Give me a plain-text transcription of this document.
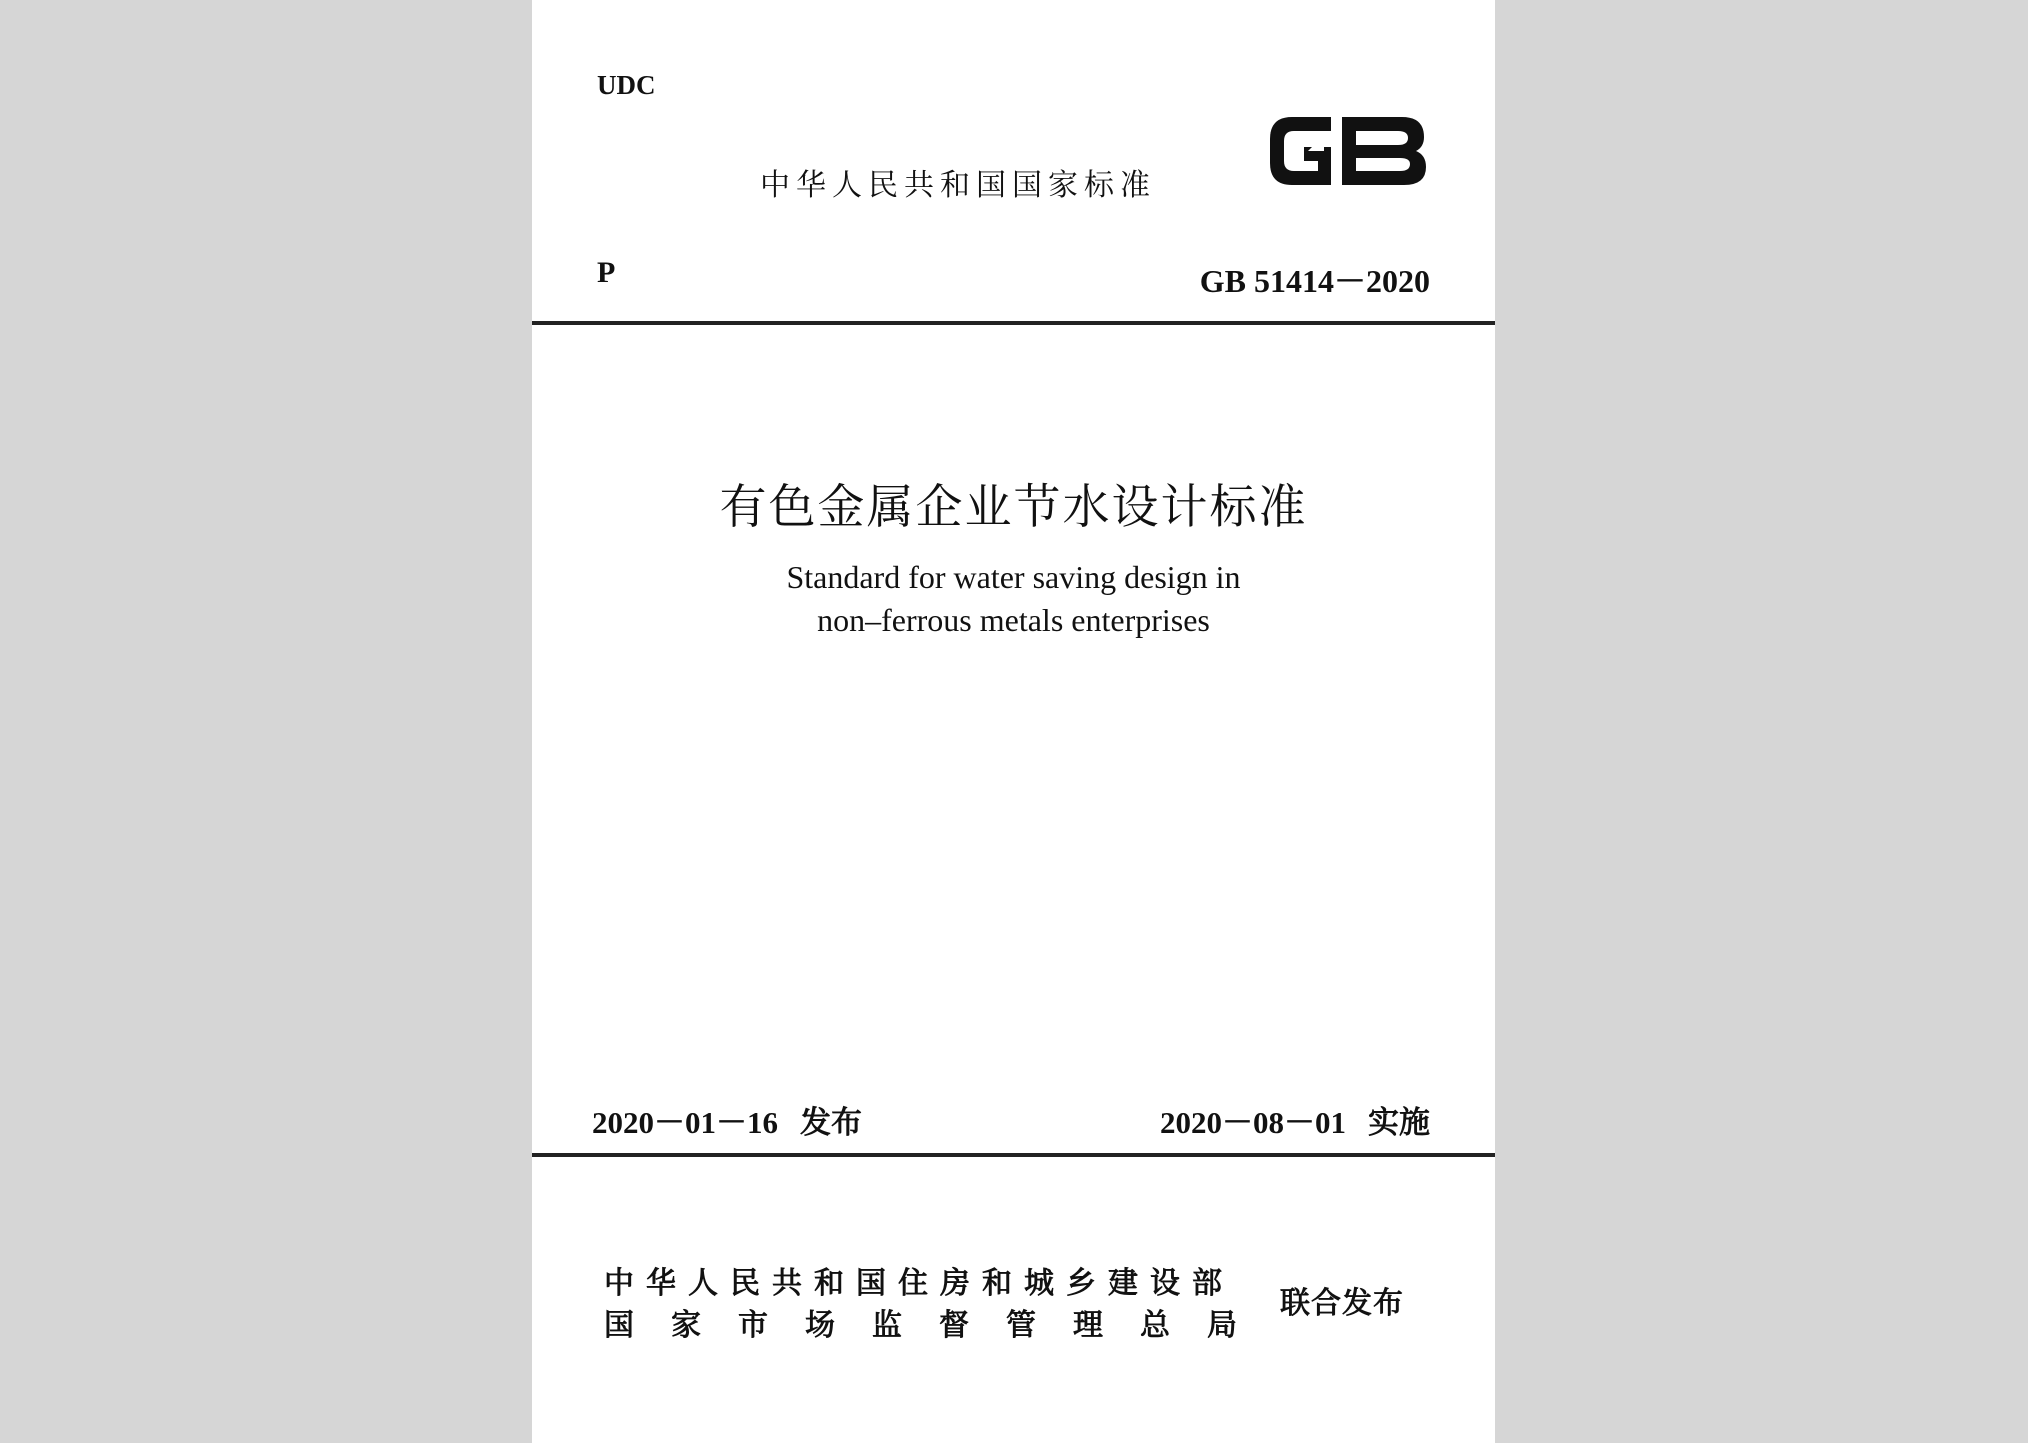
UDC
中华人民共和国国家标准
P	GB 51414－2020
有色金属企业节水设计标准
Standard for water saving design in
non–ferrous metals enterprises
2020－01－16 发布	2020－08－01 实施
中华人民共和国住房和城乡建设部
国家市场监督管理总局
联合发布
